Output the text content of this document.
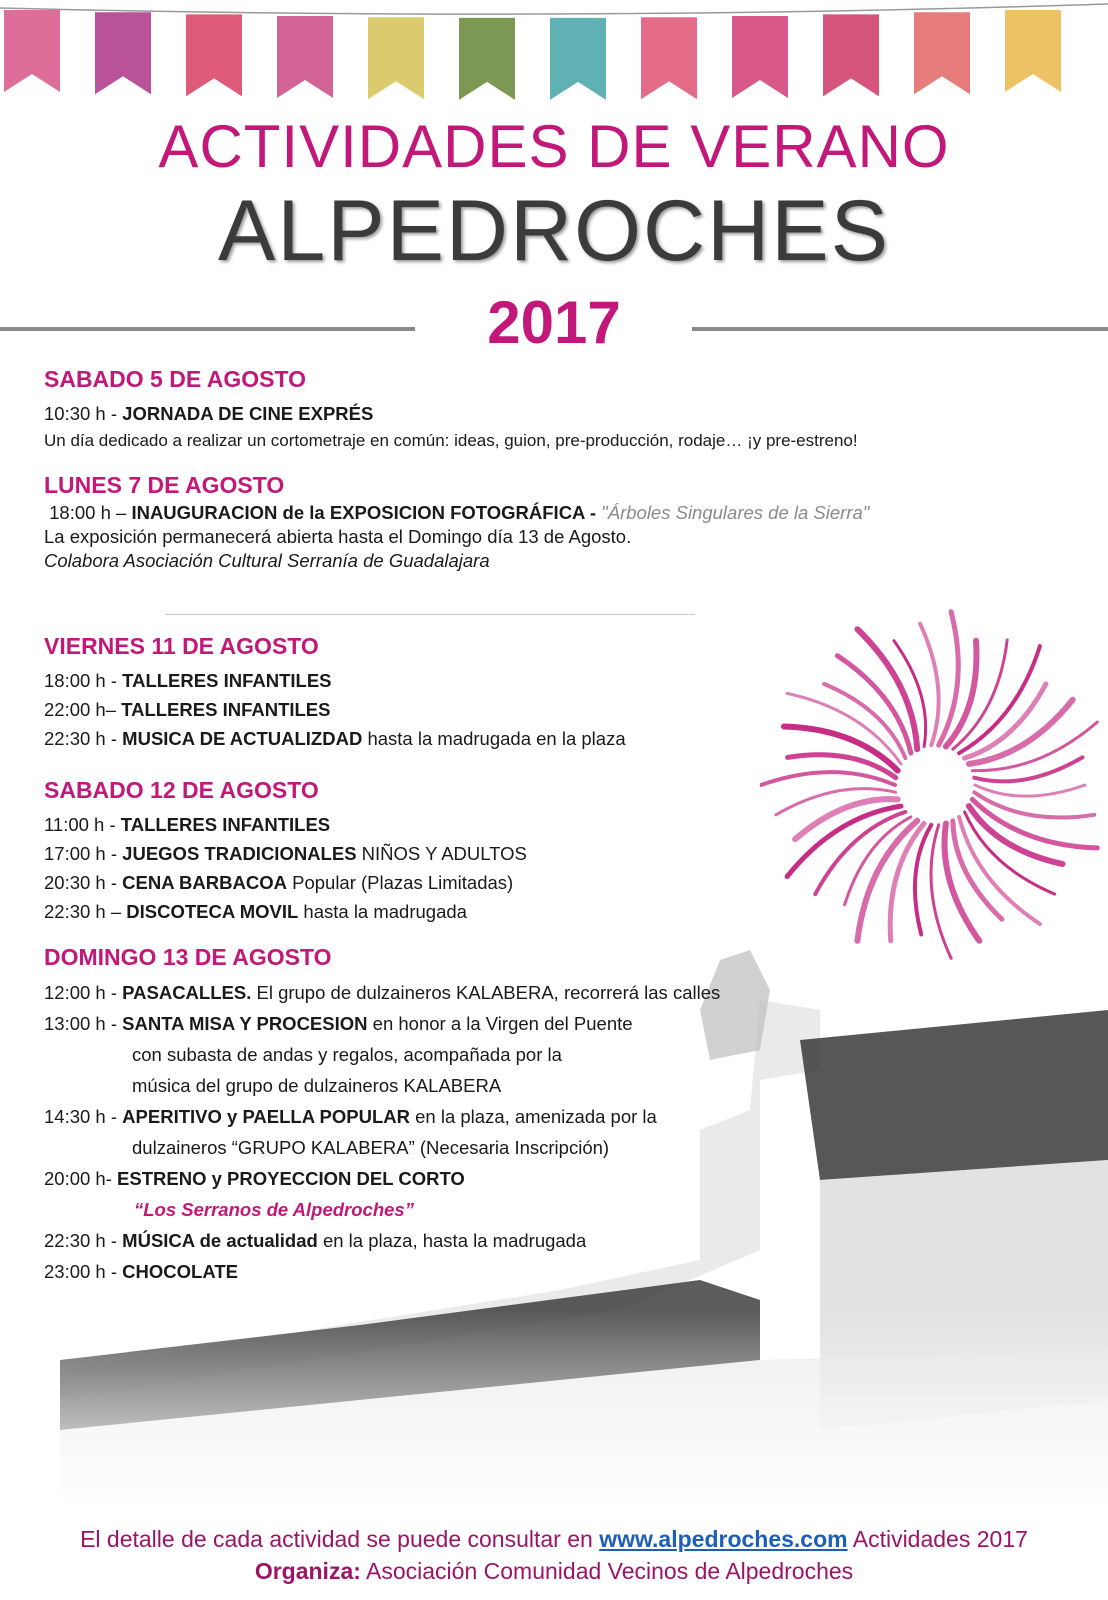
ACTIVIDADES DE VERANO
ALPEDROCHES
2017
SABADO 5 DE AGOSTO
10:30 h - JORNADA DE CINE EXPRÉS
Un día dedicado a realizar un cortometraje en común: ideas, guion, pre-producción, rodaje… ¡y pre-estreno!
LUNES 7 DE AGOSTO
18:00 h – INAUGURACION de la EXPOSICION FOTOGRÁFICA - "Árboles Singulares de la Sierra"
La exposición permanecerá abierta hasta el Domingo día 13 de Agosto.
Colabora Asociación Cultural Serranía de Guadalajara
VIERNES 11 DE AGOSTO
18:00 h - TALLERES INFANTILES
22:00 h– TALLERES INFANTILES
22:30 h - MUSICA DE ACTUALIZDAD hasta la madrugada en la plaza
SABADO 12 DE AGOSTO
11:00 h - TALLERES INFANTILES
17:00 h - JUEGOS TRADICIONALES NIÑOS Y ADULTOS
20:30 h - CENA BARBACOA Popular (Plazas Limitadas)
22:30 h – DISCOTECA MOVIL hasta la madrugada
DOMINGO 13 DE AGOSTO
12:00 h - PASACALLES. El grupo de dulzaineros KALABERA, recorrerá las calles
13:00 h - SANTA MISA Y PROCESION en honor a la Virgen del Puente
con subasta de andas y regalos, acompañada por la
música del grupo de dulzaineros KALABERA
14:30 h - APERITIVO y PAELLA POPULAR en la plaza, amenizada por la
dulzaineros “GRUPO KALABERA” (Necesaria Inscripción)
20:00 h- ESTRENO y PROYECCION DEL CORTO
“Los Serranos de Alpedroches”
22:30 h - MÚSICA de actualidad en la plaza, hasta la madrugada
23:00 h - CHOCOLATE
El detalle de cada actividad se puede consultar en www.alpedroches.com Actividades 2017
Organiza: Asociación Comunidad Vecinos de Alpedroches
